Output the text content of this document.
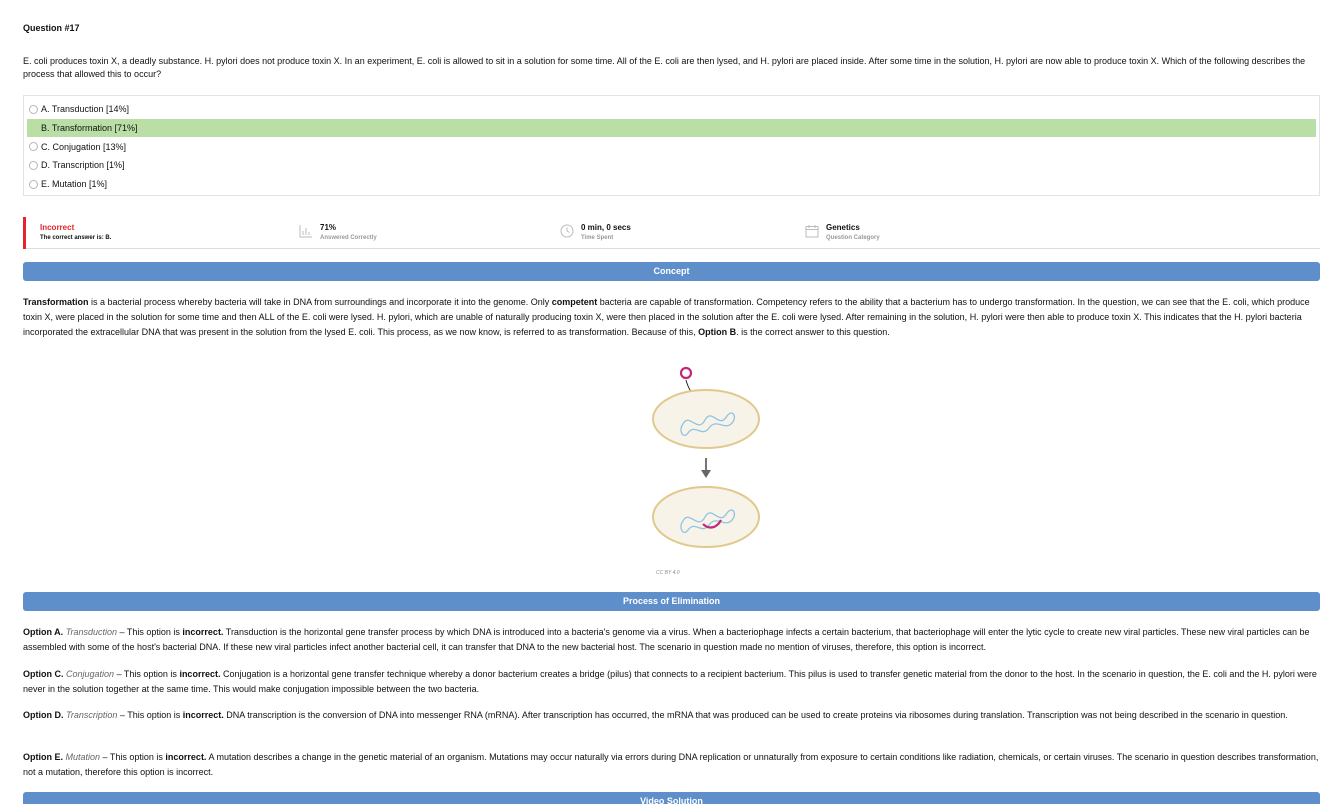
Question #17
E. coli produces toxin X, a deadly substance. H. pylori does not produce toxin X. In an experiment, E. coli is allowed to sit in a solution for some time. All of the E. coli are then lysed, and H. pylori are placed inside. After some time in the solution, H. pylori are now able to produce toxin X. Which of the following describes the process that allowed this to occur?
A. Transduction [14%]
B. Transformation [71%]
C. Conjugation [13%]
D. Transcription [1%]
E. Mutation [1%]
Incorrect
The correct answer is: B.
71%
Answered Correctly
0 min, 0 secs
Time Spent
Genetics
Question Category
Concept
Transformation is a bacterial process whereby bacteria will take in DNA from surroundings and incorporate it into the genome. Only competent bacteria are capable of transformation. Competency refers to the ability that a bacterium has to undergo transformation. In the question, we can see that the E. coli, which produce toxin X, were placed in the solution for some time and then ALL of the E. coli were lysed. H. pylori, which are unable of naturally producing toxin X, were then placed in the solution after the E. coli were lysed. After remaining in the solution, H. pylori were then able to produce toxin X. This indicates that the H. pylori bacteria incorporated the extracellular DNA that was present in the solution from the lysed E. coli. This process, as we now know, is referred to as transformation. Because of this, Option B. is the correct answer to this question.
CC BY 4.0
Process of Elimination
Option A. Transduction – This option is incorrect. Transduction is the horizontal gene transfer process by which DNA is introduced into a bacteria's genome via a virus. When a bacteriophage infects a certain bacterium, that bacteriophage will enter the lytic cycle to create new viral particles. These new viral particles can be assembled with some of the host's bacterial DNA. If these new viral particles infect another bacterial cell, it can transfer that DNA to the new bacterial host. The scenario in question made no mention of viruses, therefore, this option is incorrect.
Option C. Conjugation – This option is incorrect. Conjugation is a horizontal gene transfer technique whereby a donor bacterium creates a bridge (pilus) that connects to a recipient bacterium. This pilus is used to transfer genetic material from the donor to the host. In the scenario in question, the E. coli and the H. pylori were never in the solution together at the same time. This would make conjugation impossible between the two bacteria.
Option D. Transcription – This option is incorrect. DNA transcription is the conversion of DNA into messenger RNA (mRNA). After transcription has occurred, the mRNA that was produced can be used to create proteins via ribosomes during translation. Transcription was not being described in the scenario in question.
Option E. Mutation – This option is incorrect. A mutation describes a change in the genetic material of an organism. Mutations may occur naturally via errors during DNA replication or unnaturally from exposure to certain conditions like radiation, chemicals, or certain viruses. The scenario in question describes transformation, not a mutation, therefore this option is incorrect.
Video Solution
